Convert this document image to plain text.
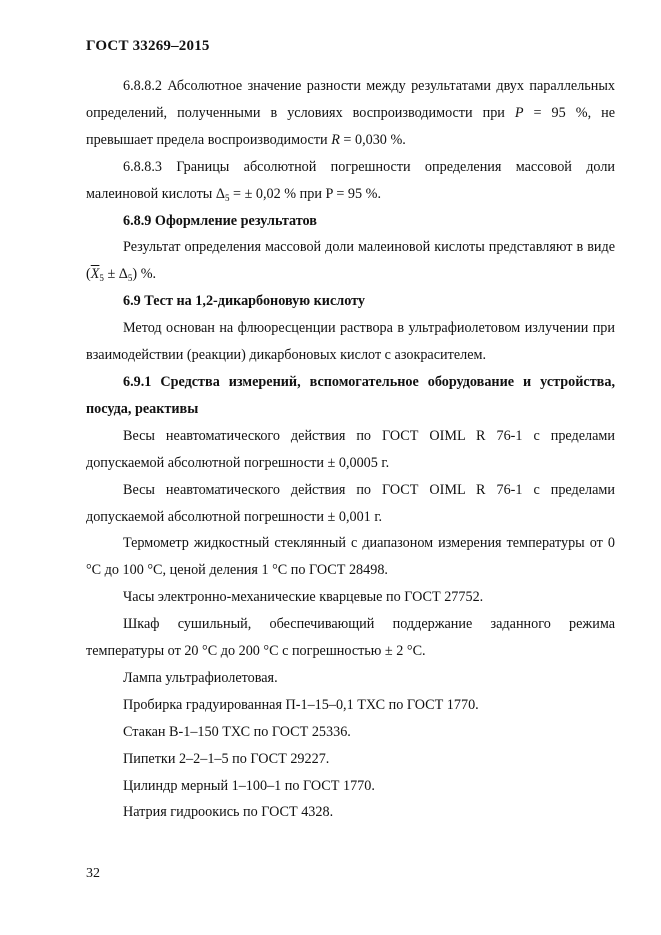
ГОСТ 33269–2015

6.8.8.2 Абсолютное значение разности между результатами двух параллельных определений, полученными в условиях воспроизводимости при P = 95 %, не превышает предела воспроизводимости R = 0,030 %.

6.8.8.3 Границы абсолютной погрешности определения массовой доли малеиновой кислоты $\Delta_5$ = ± 0,02 % при P = 95 %.

6.8.9 Оформление результатов

Результат определения массовой доли малеиновой кислоты представляют в виде $(\overline{X}_5 \pm \Delta_5)$ %.

6.9 Тест на 1,2-дикарбоновую кислоту

Метод основан на флюоресценции раствора в ультрафиолетовом излучении при взаимодействии (реакции) дикарбоновых кислот с азокрасителем.

6.9.1 Средства измерений, вспомогательное оборудование и устройства, посуда, реактивы

Весы неавтоматического действия по ГОСТ OIML R 76-1 с пределами допускаемой абсолютной погрешности ± 0,0005 г.

Весы неавтоматического действия по ГОСТ OIML R 76-1 с пределами допускаемой абсолютной погрешности ± 0,001 г.

Термометр жидкостный стеклянный с диапазоном измерения температуры от 0 °С до 100 °С, ценой деления 1 °С по ГОСТ 28498.

Часы электронно-механические кварцевые по ГОСТ 27752.

Шкаф сушильный, обеспечивающий поддержание заданного режима температуры от 20 °С до 200 °С с погрешностью ± 2 °С.

Лампа ультрафиолетовая.

Пробирка градуированная П-1–15–0,1 ТХС по ГОСТ 1770.

Стакан В-1–150 ТХС по ГОСТ 25336.

Пипетки 2–2–1–5 по ГОСТ 29227.

Цилиндр мерный 1–100–1 по ГОСТ 1770.

Натрия гидроокись по ГОСТ 4328.

32
